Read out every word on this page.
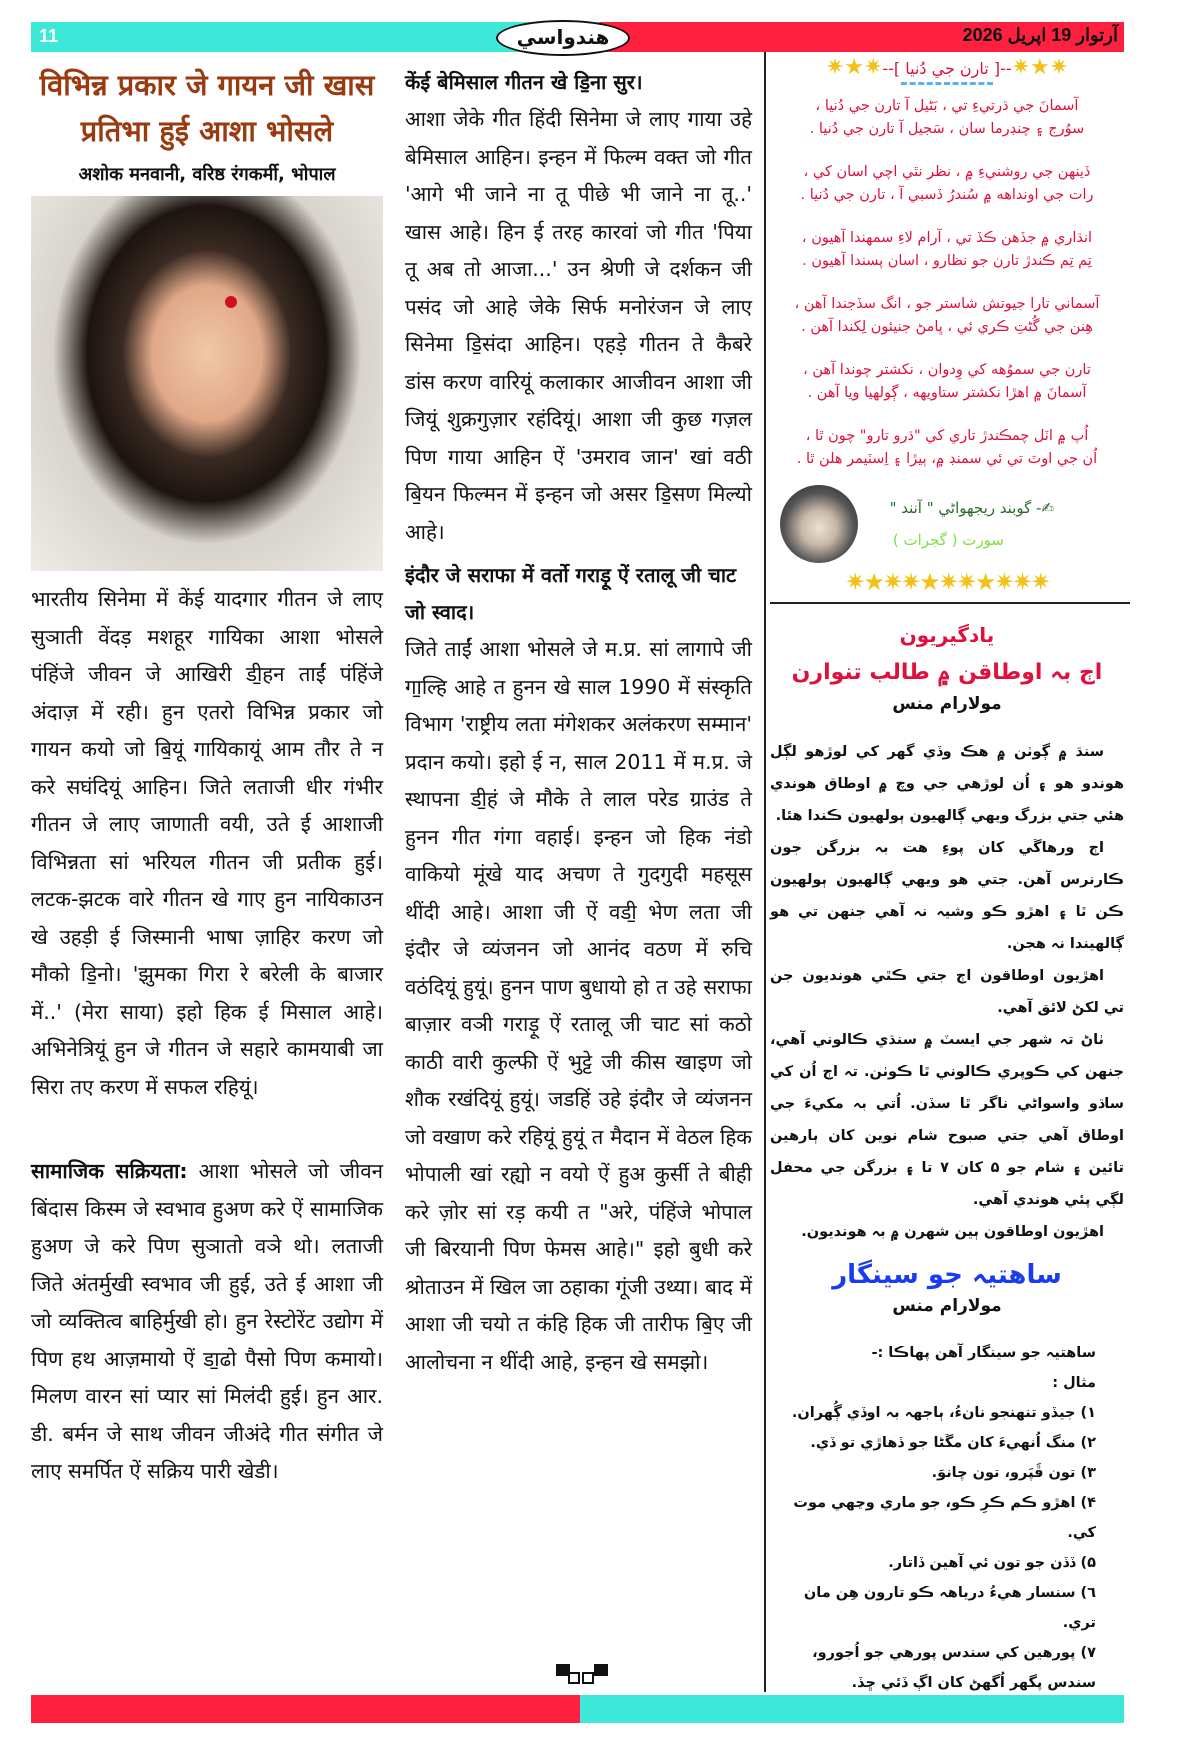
11	هندواسي	آرتوار 19 اپريل 2026
विभिन्न प्रकार जे गायन जी खास प्रतिभा हुई आशा भोसले
अशोक मनवानी, वरिष्ठ रंगकर्मी, भोपाल

भारतीय सिनेमा में केंई यादगार गीतन जे लाए सुञाती वेंदड़ मशहूर गायिका आशा भोसले पंहिंजे जीवन जे आखिरी डी॒हन ताईं पंहिंजे अंदाज़ में रही। हुन एतरो विभिन्न प्रकार जो गायन कयो जो बि॒यूं गायिकायूं आम तौर ते न करे सघंदियूं आहिन। जिते लताजी धीर गंभीर गीतन जे लाए जाणाती वयी, उते ई आशाजी विभिन्नता सां भरियल गीतन जी प्रतीक हुई। लटक-झटक वारे गीतन खे गाए हुन नायिकाउन खे उहड़ी ई जिस्मानी भाषा ज़ाहिर करण जो मौको डि॒नो। 'झुमका गिरा रे बरेली के बाजार में..' (मेरा साया) इहो हिक ई मिसाल आहे। अभिनेत्रियूं हुन जे गीतन जे सहारे कामयाबी जा सिरा तए करण में सफल रहियूं।

सामाजिक सक्रियता: आशा भोसले जो जीवन बिंदास किस्म जे स्वभाव हुअण करे ऐं सामाजिक हुअण जे करे पिण सुञातो वञे थो। लताजी जिते अंतर्मुखी स्वभाव जी हुई, उते ई आशा जी जो व्यक्तित्व बाहिर्मुखी हो। हुन रेस्टोरेंट उद्योग में पिण हथ आज़मायो ऐं डा॒ढो पैसो पिण कमायो। मिलण वारन सां प्यार सां मिलंदी हुई। हुन आर. डी. बर्मन जे साथ जीवन जीअंदे गीत संगीत जे लाए समर्पित ऐं सक्रिय पारी खेडी।

केंई बेमिसाल गीतन खे डि॒ना सुर।

आशा जेके गीत हिंदी सिनेमा जे लाए गाया उहे बेमिसाल आहिन। इन्हन में फिल्म वक्त जो गीत 'आगे भी जाने ना तू पीछे भी जाने ना तू..' खास आहे। हिन ई तरह कारवां जो गीत 'पिया तू अब तो आजा...' उन श्रेणी जे दर्शकन जी पसंद जो आहे जेके सिर्फ मनोरंजन जे लाए सिनेमा डि॒संदा आहिन। एहड़े गीतन ते कैबरे डांस करण वारियूं कलाकार आजीवन आशा जी जियूं शुक्रगुज़ार रहंदियूं। आशा जी कुछ गज़ल पिण गाया आहिन ऐं 'उमराव जान' खां वठी बि॒यन फिल्मन में इन्हन जो असर डि॒सण मिल्यो आहे।

इंदौर जे सराफा में वर्तो गराड़ू ऐं रतालू जी चाट जो स्वाद।

जिते ताईं आशा भोसले जे म.प्र. सां लागापे जी गा॒ल्हि आहे त हुनन खे साल 1990 में संस्कृति विभाग 'राष्ट्रीय लता मंगेशकर अलंकरण सम्मान' प्रदान कयो। इहो ई न, साल 2011 में म.प्र. जे स्थापना डी॒हं जे मौके ते लाल परेड ग्राउंड ते हुनन गीत गंगा वहाई। इन्हन जो हिक नंडो वाकियो मूंखे याद अचण ते गुदगुदी महसूस थींदी आहे। आशा जी ऐं वडी॒ भेण लता जी इंदौर जे व्यंजनन जो आनंद वठण में रुचि वठंदियूं हुयूं। हुनन पाण बुधायो हो त उहे सराफा बाज़ार वञी गराड़ू ऐं रतालू जी चाट सां कठो काठी वारी कुल्फी ऐं भुट्टे जी कीस खाइण जो शौक रखंदियूं हुयूं। जडहिं उहे इंदौर जे व्यंजनन जो वखाण करे रहियूं हुयूं त मैदान में वेठल हिक भोपाली खां रह्यो न वयो ऐं हुअ कुर्सी ते बीही करे ज़ोर सां रड़ कयी त "अरे, पंहिंजे भोपाल जी बिरयानी पिण फेमस आहे।" इहो बुधी करे श्रोताउन में खिल जा ठहाका गूंजी उथ्या। बाद में आशा जी चयो त कंहि हिक जी तारीफ बि॒ए जी आलोचना न थींदी आहे, इन्हन खे समझो।

✷★✷--[ تارن جي دُنيا ]--✷★✷
آسمانَ جي ڌرتيءِ تي ، بَڻيل آ تارن جي دُنيا ،
سوُرج ۽ چنڊرما سان ، سَجيل آ تارن جي دُنيا .
ڏينهن جي روشنيءِ ۾ ، نظر نٿي اچي اسان کي ،
رات جي اونداهه ۾ سُندرُ ڏسبي آ ، تارن جي دُنيا .
انڌاري ۾ جڏهن ڪڏ تي ، آرام لاءِ سمهندا آهيون ،
تِم تِم ڪندڙ تارن جو نظارو ، اسان پسندا آهيون .
آسماني تارا جيوتش شاستر جو ، انگ سڏجندا آهن ،
هِنن جي گُڻتِ ڪري ئي ، ڀامڻ جنيئون لِکندا آهن .
تارن جي سموُهه کي وِدوان ، نکشتر چوندا آهن ،
آسمانَ ۾ اهڙا نکشتر ستاويهه ، ڳولهيا ويا آهن .
اُپ ۾ اٽل چمڪندڙ تاري کي "ڌرو تارو" چون ٿا ،
اُن جي اوٽ تي ئي سمنڊ ۾، ٻيڙا ۽ اِسٽيمر هلن ٿا .
✍- گوبند ريجهواڻي " آنند "
سورت ( گجرات )
✷★✷✷★✷✷★✷✷✷
يادگيريون
اڄ بہ اوطاقن ۾ طالب تنوارن
مولارام منس

سنڌ ۾ ڳوٺن ۾ هڪ وڏي گهر کي لوڙهو لڳل هوندو هو ۽ اُن لوڙهي جي وچ ۾ اوطاق هوندي هئي جتي بزرگ ويهي ڳالهيون ٻولهيون ڪندا هئا.

اڄ ورهاڱي کان پوءِ هت بہ بزرگن جون ڪارنرس آهن. جتي هو ويهي ڳالهيون ٻولهيون ڪن ٿا ۽ اهڙو ڪو وشيہ نہ آهي جنهن تي هو ڳالهيندا نہ هجن.

اهڙيون اوطاقون اڄ جتي ڪٿي هونديون جن تي لکڻ لائق آهي.

ٺاڻ تہ شهر جي ايسٽ ۾ سنڌي ڪالوني آهي، جنهن کي ڪوپري ڪالوني ٿا ڪوٺن. تہ اڄ اُن کي ساڌو واسواڻي ناگر ٿا سڏن. اُتي بہ مکيءَ جي اوطاق آهي جتي صبوح شام نوين کان ٻارهين تائين ۽ شام جو ۵ کان ۷ تا ۽ بزرگن جي محفل لڳي پئي هوندي آهي.

اهڙيون اوطاقون ٻين شهرن ۾ بہ هونديون.

ساهتيہ جو سينگار
مولارام منس

ساهتيہ جو سينگار آهن پهاڪا :-

مثال :

١) جيڏو تنهنجو نانءُ، ٻاجهہ بہ اوڏي ڳُهران.

٢) منگ اُنهيءَ کان مڱڻا جو ڏهاڙي تو ڏي.

٣) تون ڦَپَرو، تون چانوَ.

۴) اهڙو ڪم ڪرِ ڪو، جو ماري وڃهي موت کي.

۵) ڏڏن جو تون ئي آهين ڏاتار.

٦) سنسار هيءُ درياهہ ڪو تارون هِن مان تري.

٧) پورهين کي سندس پورهي جو اُجورو، سندس پگهر اُگهڻ کان اڳ ڏئي ڇڏ.
